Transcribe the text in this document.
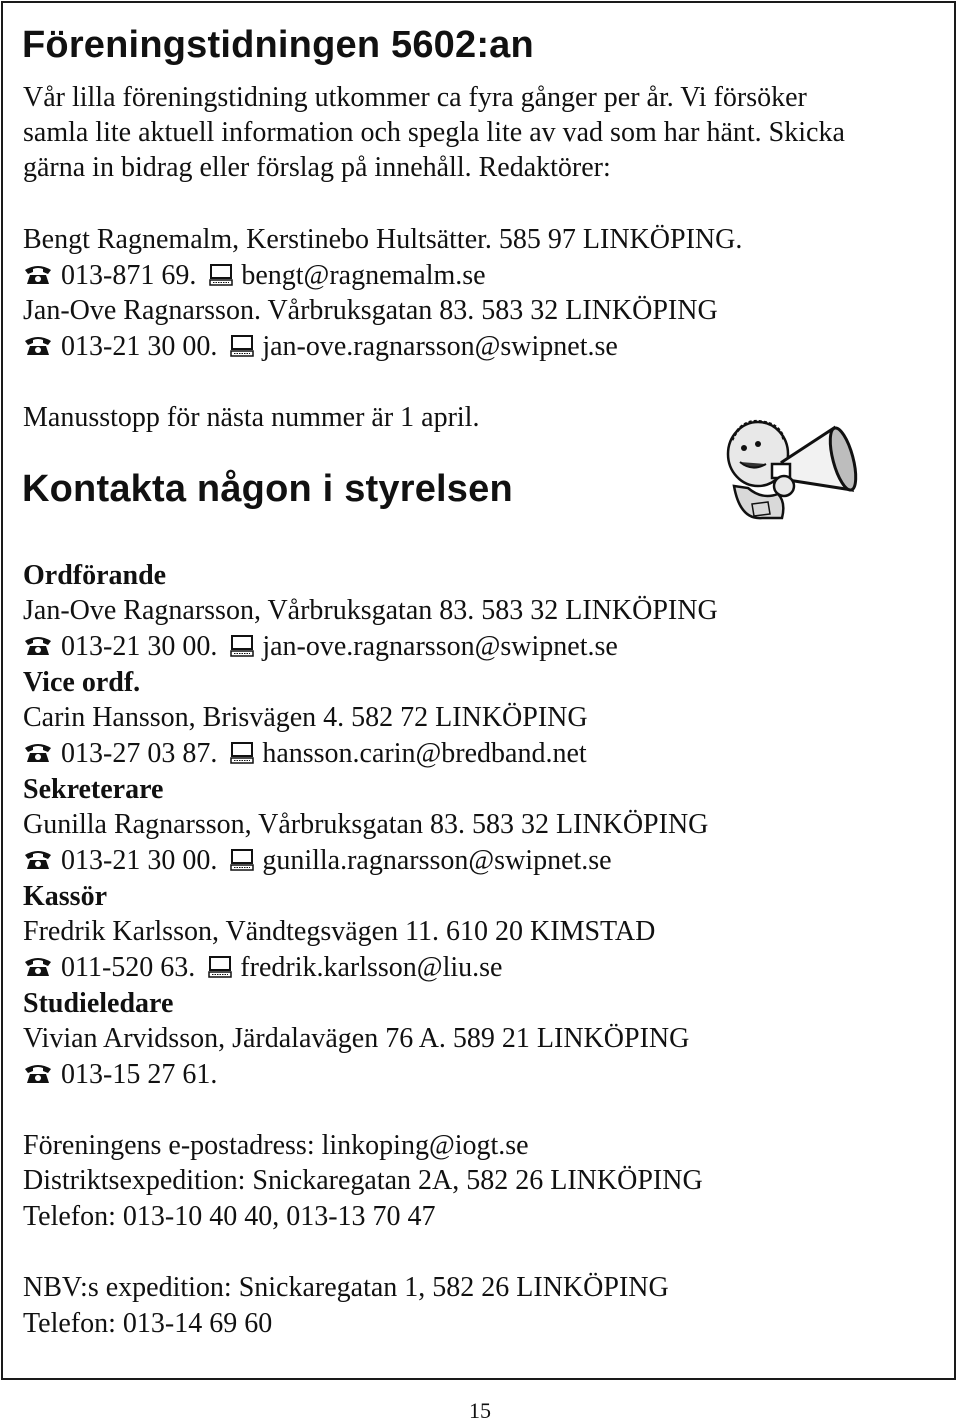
Föreningstidningen 5602:an
Vår lilla föreningstidning utkommer ca fyra gånger per år. Vi försöker
samla lite aktuell information och spegla lite av vad som har hänt. Skicka
gärna in bidrag eller förslag på innehåll. Redaktörer:
Bengt Ragnemalm, Kerstinebo Hultsätter. 585 97 LINKÖPING.
013-871 69. bengt@ragnemalm.se
Jan-Ove Ragnarsson. Vårbruksgatan 83. 583 32 LINKÖPING
013-21 30 00. jan-ove.ragnarsson@swipnet.se
Manusstopp för nästa nummer är 1 april.
Kontakta någon i styrelsen
Ordförande
Jan-Ove Ragnarsson, Vårbruksgatan 83. 583 32 LINKÖPING
013-21 30 00. jan-ove.ragnarsson@swipnet.se
Vice ordf.
Carin Hansson, Brisvägen 4. 582 72 LINKÖPING
013-27 03 87. hansson.carin@bredband.net
Sekreterare
Gunilla Ragnarsson, Vårbruksgatan 83. 583 32 LINKÖPING
013-21 30 00. gunilla.ragnarsson@swipnet.se
Kassör
Fredrik Karlsson, Vändtegsvägen 11. 610 20 KIMSTAD
011-520 63. fredrik.karlsson@liu.se
Studieledare
Vivian Arvidsson, Järdalavägen 76 A. 589 21 LINKÖPING
013-15 27 61.
Föreningens e-postadress: linkoping@iogt.se
Distriktsexpedition: Snickaregatan 2A, 582 26 LINKÖPING
Telefon: 013-10 40 40, 013-13 70 47
NBV:s expedition: Snickaregatan 1, 582 26 LINKÖPING
Telefon: 013-14 69 60
15
